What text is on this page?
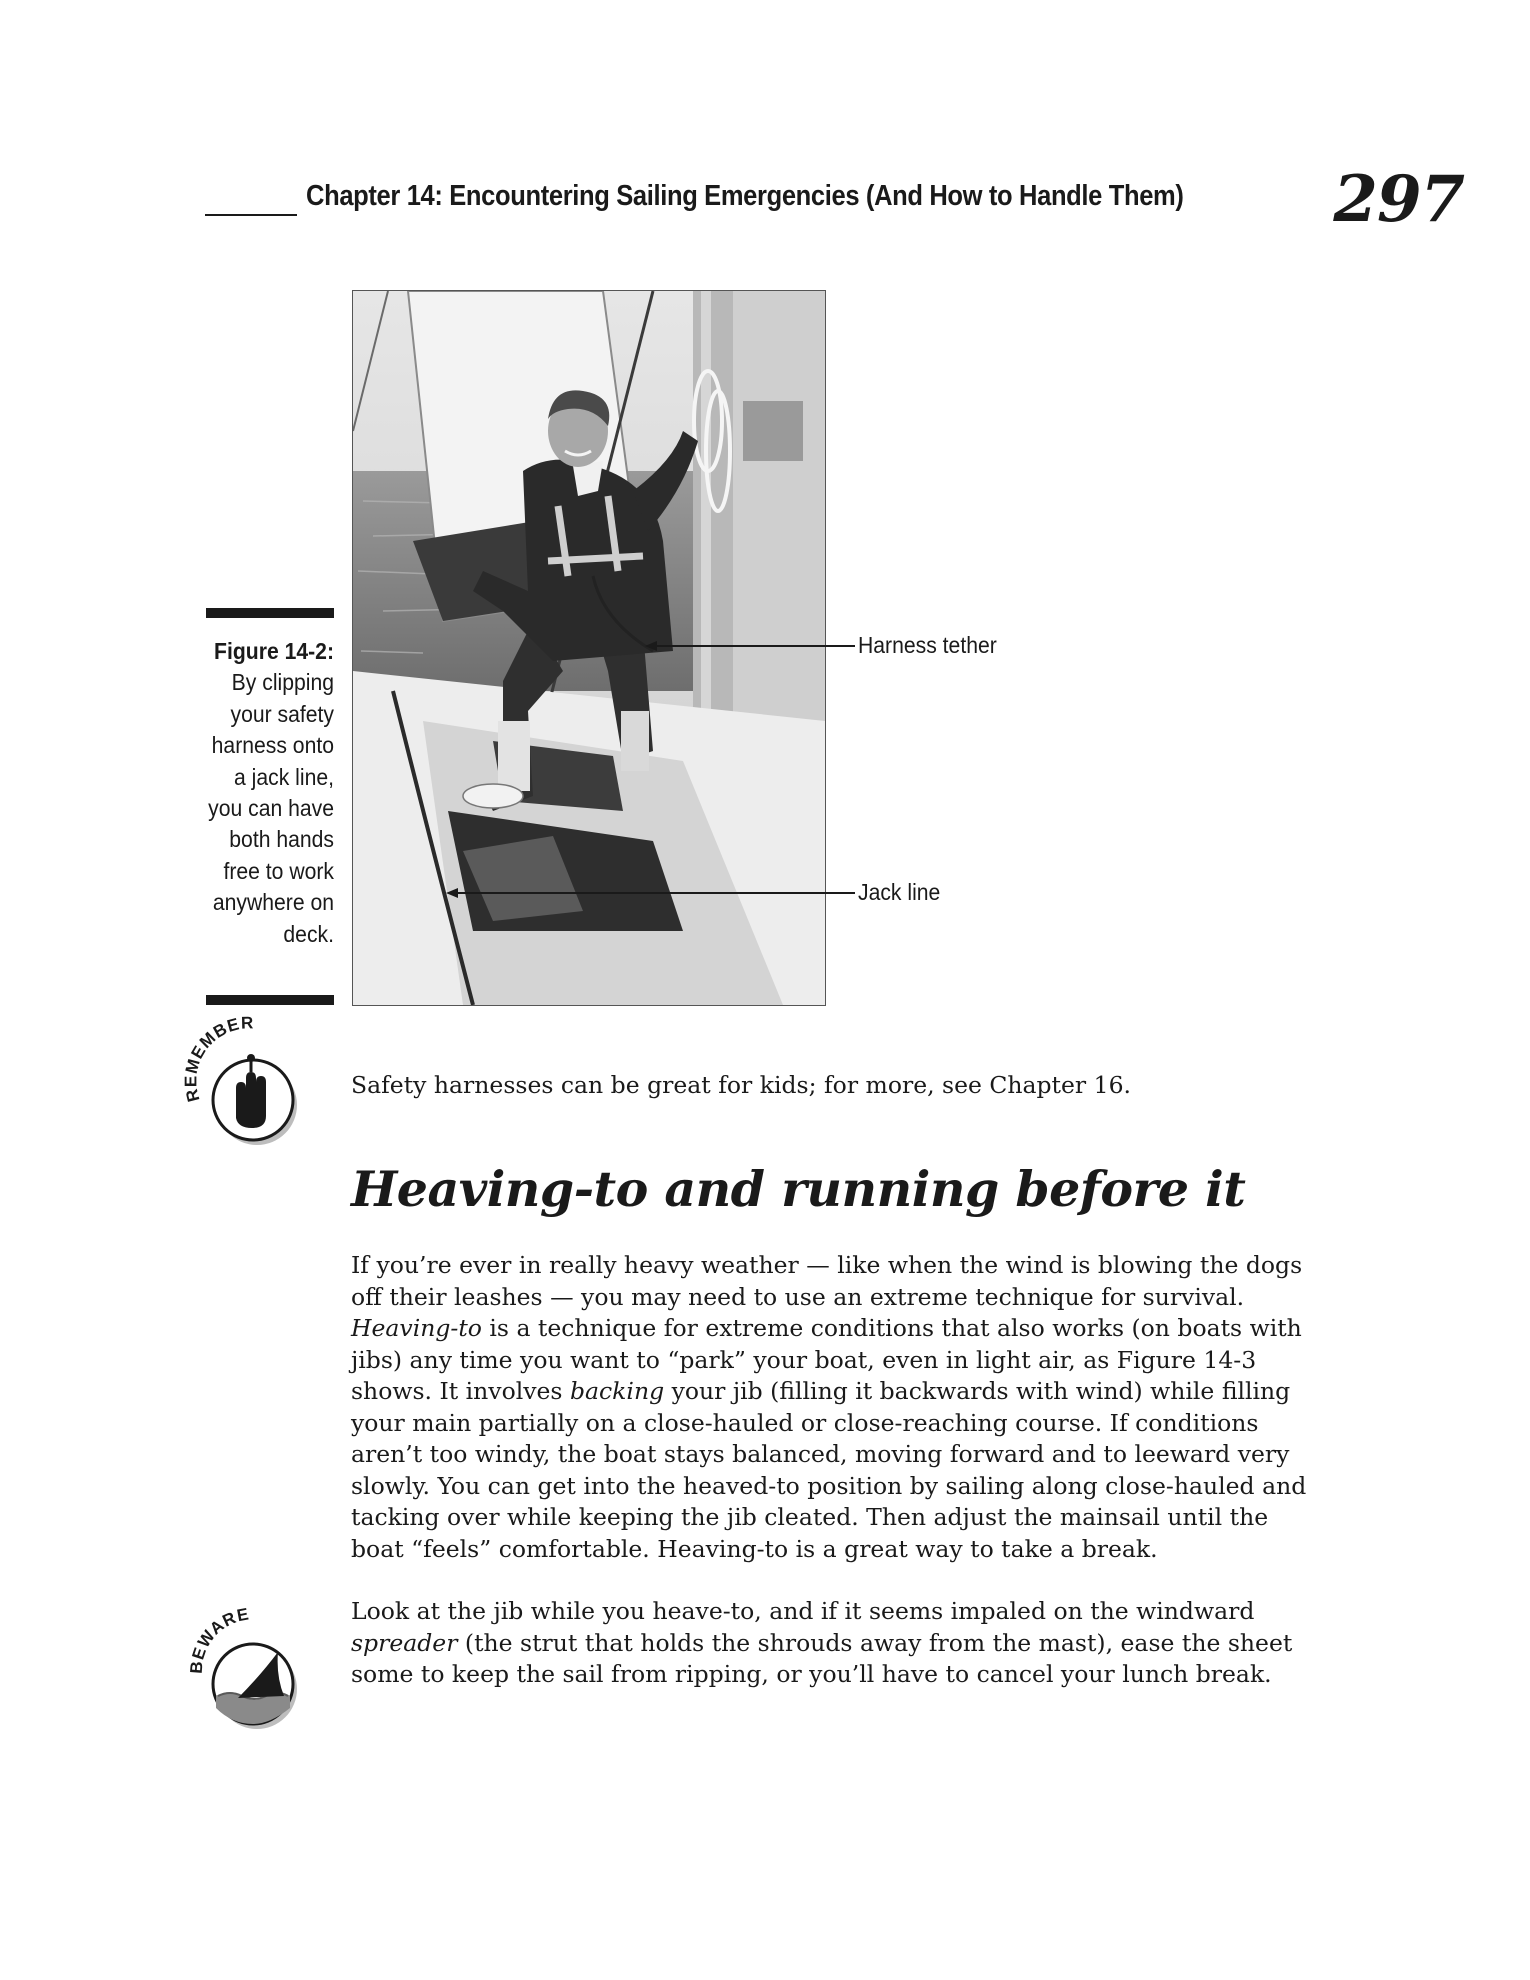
Chapter 14: Encountering Sailing Emergencies (And How to Handle Them) 297
Figure 14-2: By clipping your safety harness onto a jack line, you can have both hands free to work anywhere on deck.
Harness tether
Jack line
REMEMBER
Safety harnesses can be great for kids; for more, see Chapter 16.
Heaving-to and running before it
If you’re ever in really heavy weather — like when the wind is blowing the dogs off their leashes — you may need to use an extreme technique for survival. Heaving-to is a technique for extreme conditions that also works (on boats with jibs) any time you want to “park” your boat, even in light air, as Figure 14-3 shows. It involves backing your jib (filling it backwards with wind) while filling your main partially on a close-hauled or close-reaching course. If conditions aren’t too windy, the boat stays balanced, moving forward and to leeward very slowly. You can get into the heaved-to position by sailing along close-hauled and tacking over while keeping the jib cleated. Then adjust the mainsail until the boat “feels” comfortable. Heaving-to is a great way to take a break.
BEWARE	Look at the jib while you heave-to, and if it seems impaled on the windward spreader (the strut that holds the shrouds away from the mast), ease the sheet some to keep the sail from ripping, or you’ll have to cancel your lunch break.
